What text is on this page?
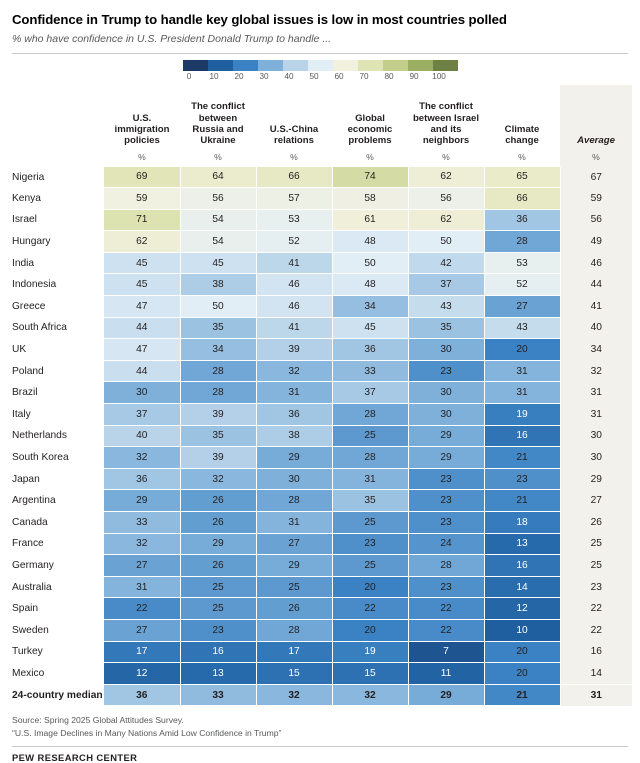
Confidence in Trump to handle key global issues is low in most countries polled
% who have confidence in U.S. President Donald Trump to handle ...
0	10	20	30	40	50	60	70	80	90	100
	U.S. immigration policies	The conflict between Russia and Ukraine	U.S.-China relations	Global economic problems	The conflict between Israel and its neighbors	Climate change	Average
	%	%	%	%	%	%	%
Nigeria	69	64	66	74	62	65	67
Kenya	59	56	57	58	56	66	59
Israel	71	54	53	61	62	36	56
Hungary	62	54	52	48	50	28	49
India	45	45	41	50	42	53	46
Indonesia	45	38	46	48	37	52	44
Greece	47	50	46	34	43	27	41
South Africa	44	35	41	45	35	43	40
UK	47	34	39	36	30	20	34
Poland	44	28	32	33	23	31	32
Brazil	30	28	31	37	30	31	31
Italy	37	39	36	28	30	19	31
Netherlands	40	35	38	25	29	16	30
South Korea	32	39	29	28	29	21	30
Japan	36	32	30	31	23	23	29
Argentina	29	26	28	35	23	21	27
Canada	33	26	31	25	23	18	26
France	32	29	27	23	24	13	25
Germany	27	26	29	25	28	16	25
Australia	31	25	25	20	23	14	23
Spain	22	25	26	22	22	12	22
Sweden	27	23	28	20	22	10	22
Turkey	17	16	17	19	7	20	16
Mexico	12	13	15	15	11	20	14
24-country median	36	33	32	32	29	21	31
Source: Spring 2025 Global Attitudes Survey.
“U.S. Image Declines in Many Nations Amid Low Confidence in Trump”
PEW RESEARCH CENTER
